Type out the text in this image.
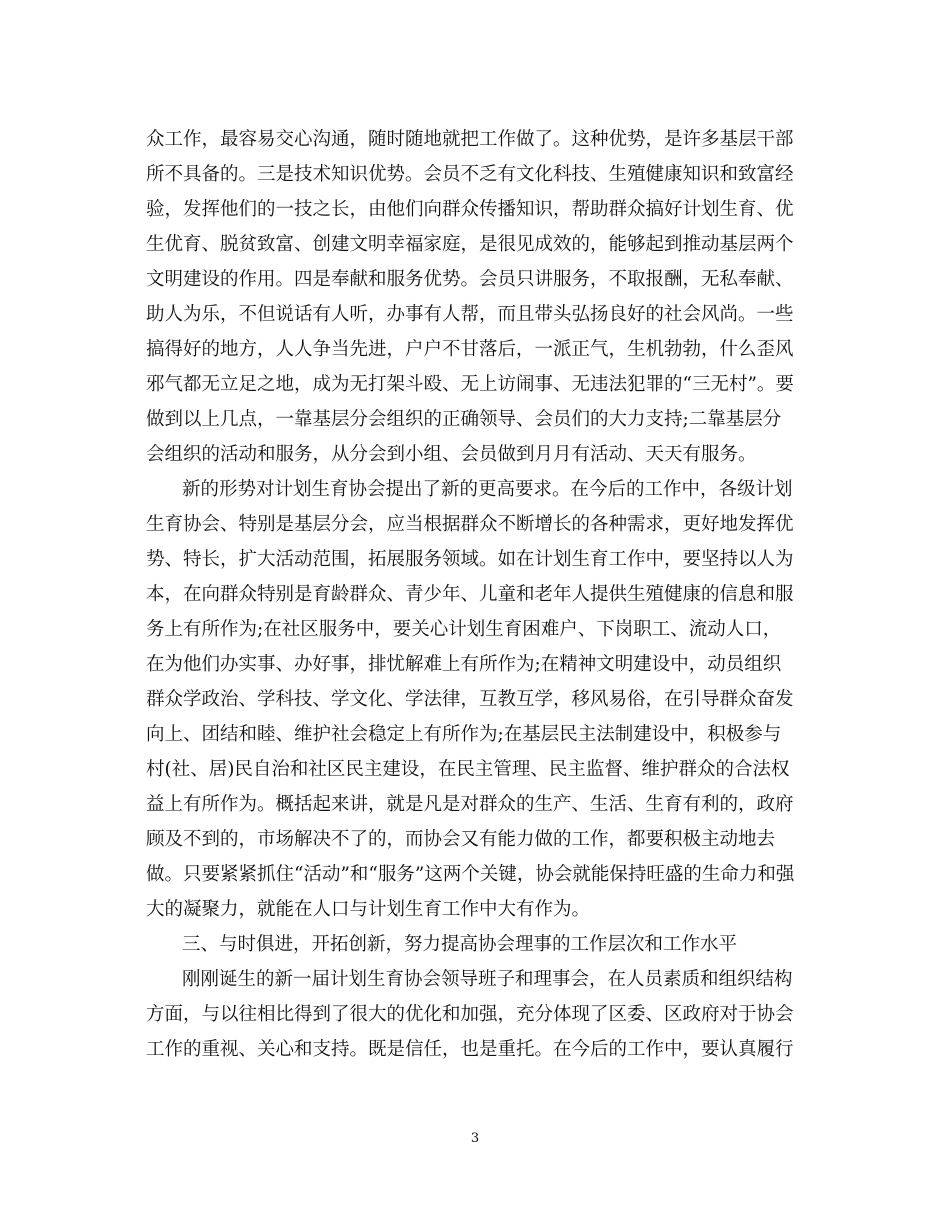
众工作，最容易交心沟通，随时随地就把工作做了。这种优势，是许多基层干部
所不具备的。三是技术知识优势。会员不乏有文化科技、生殖健康知识和致富经
验，发挥他们的一技之长，由他们向群众传播知识，帮助群众搞好计划生育、优
生优育、脱贫致富、创建文明幸福家庭，是很见成效的，能够起到推动基层两个
文明建设的作用。四是奉献和服务优势。会员只讲服务，不取报酬，无私奉献、
助人为乐，不但说话有人听，办事有人帮，而且带头弘扬良好的社会风尚。一些
搞得好的地方，人人争当先进，户户不甘落后，一派正气，生机勃勃，什么歪风
邪气都无立足之地，成为无打架斗殴、无上访闹事、无违法犯罪的“三无村”。要
做到以上几点，一靠基层分会组织的正确领导、会员们的大力支持;二靠基层分
会组织的活动和服务，从分会到小组、会员做到月月有活动、天天有服务。
新的形势对计划生育协会提出了新的更高要求。在今后的工作中，各级计划
生育协会、特别是基层分会，应当根据群众不断增长的各种需求，更好地发挥优
势、特长，扩大活动范围，拓展服务领域。如在计划生育工作中，要坚持以人为
本，在向群众特别是育龄群众、青少年、儿童和老年人提供生殖健康的信息和服
务上有所作为;在社区服务中，要关心计划生育困难户、下岗职工、流动人口，
在为他们办实事、办好事，排忧解难上有所作为;在精神文明建设中，动员组织
群众学政治、学科技、学文化、学法律，互教互学，移风易俗，在引导群众奋发
向上、团结和睦、维护社会稳定上有所作为;在基层民主法制建设中，积极参与
村(社、居)民自治和社区民主建设，在民主管理、民主监督、维护群众的合法权
益上有所作为。概括起来讲，就是凡是对群众的生产、生活、生育有利的，政府
顾及不到的，市场解决不了的，而协会又有能力做的工作，都要积极主动地去
做。只要紧紧抓住“活动”和“服务”这两个关键，协会就能保持旺盛的生命力和强
大的凝聚力，就能在人口与计划生育工作中大有作为。
三、与时俱进，开拓创新，努力提高协会理事的工作层次和工作水平
刚刚诞生的新一届计划生育协会领导班子和理事会，在人员素质和组织结构
方面，与以往相比得到了很大的优化和加强，充分体现了区委、区政府对于协会
工作的重视、关心和支持。既是信任，也是重托。在今后的工作中，要认真履行
3
